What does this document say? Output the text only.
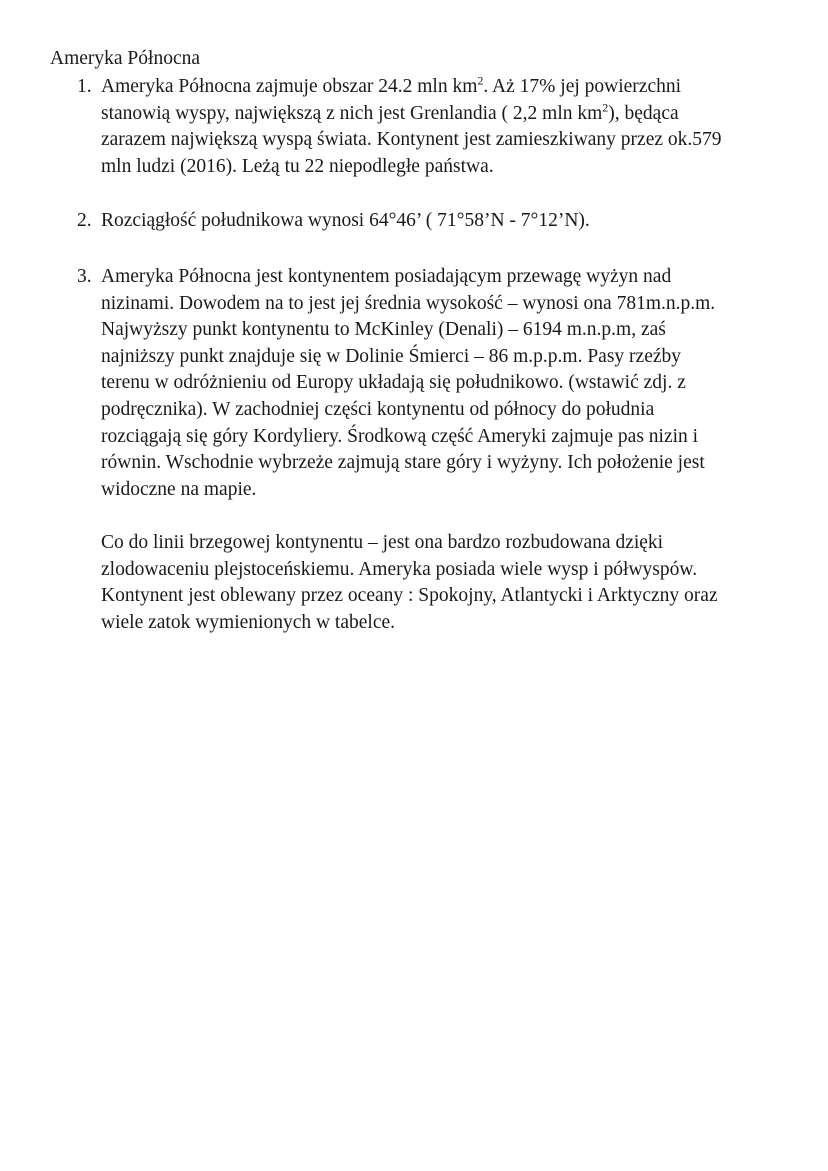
Ameryka Północna
1. Ameryka Północna zajmuje obszar 24.2 mln $km^2$. Aż 17% jej powierzchni
stanowią wyspy, największą z nich jest Grenlandia ( 2,2 mln $km^2$), będąca
zarazem największą wyspą świata. Kontynent jest zamieszkiwany przez ok.579
mln ludzi (2016). Leżą tu 22 niepodległe państwa.
2. Rozciągłość południkowa wynosi 64°46’ ( 71°58’N - 7°12’N).
3. Ameryka Północna jest kontynentem posiadającym przewagę wyżyn nad
nizinami. Dowodem na to jest jej średnia wysokość – wynosi ona 781m.n.p.m.
Najwyższy punkt kontynentu to McKinley (Denali) – 6194 m.n.p.m, zaś
najniższy punkt znajduje się w Dolinie Śmierci – 86 m.p.p.m. Pasy rzeźby
terenu w odróżnieniu od Europy układają się południkowo. (wstawić zdj. z
podręcznika). W zachodniej części kontynentu od północy do południa
rozciągają się góry Kordyliery. Środkową część Ameryki zajmuje pas nizin i
równin. Wschodnie wybrzeże zajmują stare góry i wyżyny. Ich położenie jest
widoczne na mapie.
Co do linii brzegowej kontynentu – jest ona bardzo rozbudowana dzięki
zlodowaceniu plejstoceńskiemu. Ameryka posiada wiele wysp i półwyspów.
Kontynent jest oblewany przez oceany : Spokojny, Atlantycki i Arktyczny oraz
wiele zatok wymienionych w tabelce.
